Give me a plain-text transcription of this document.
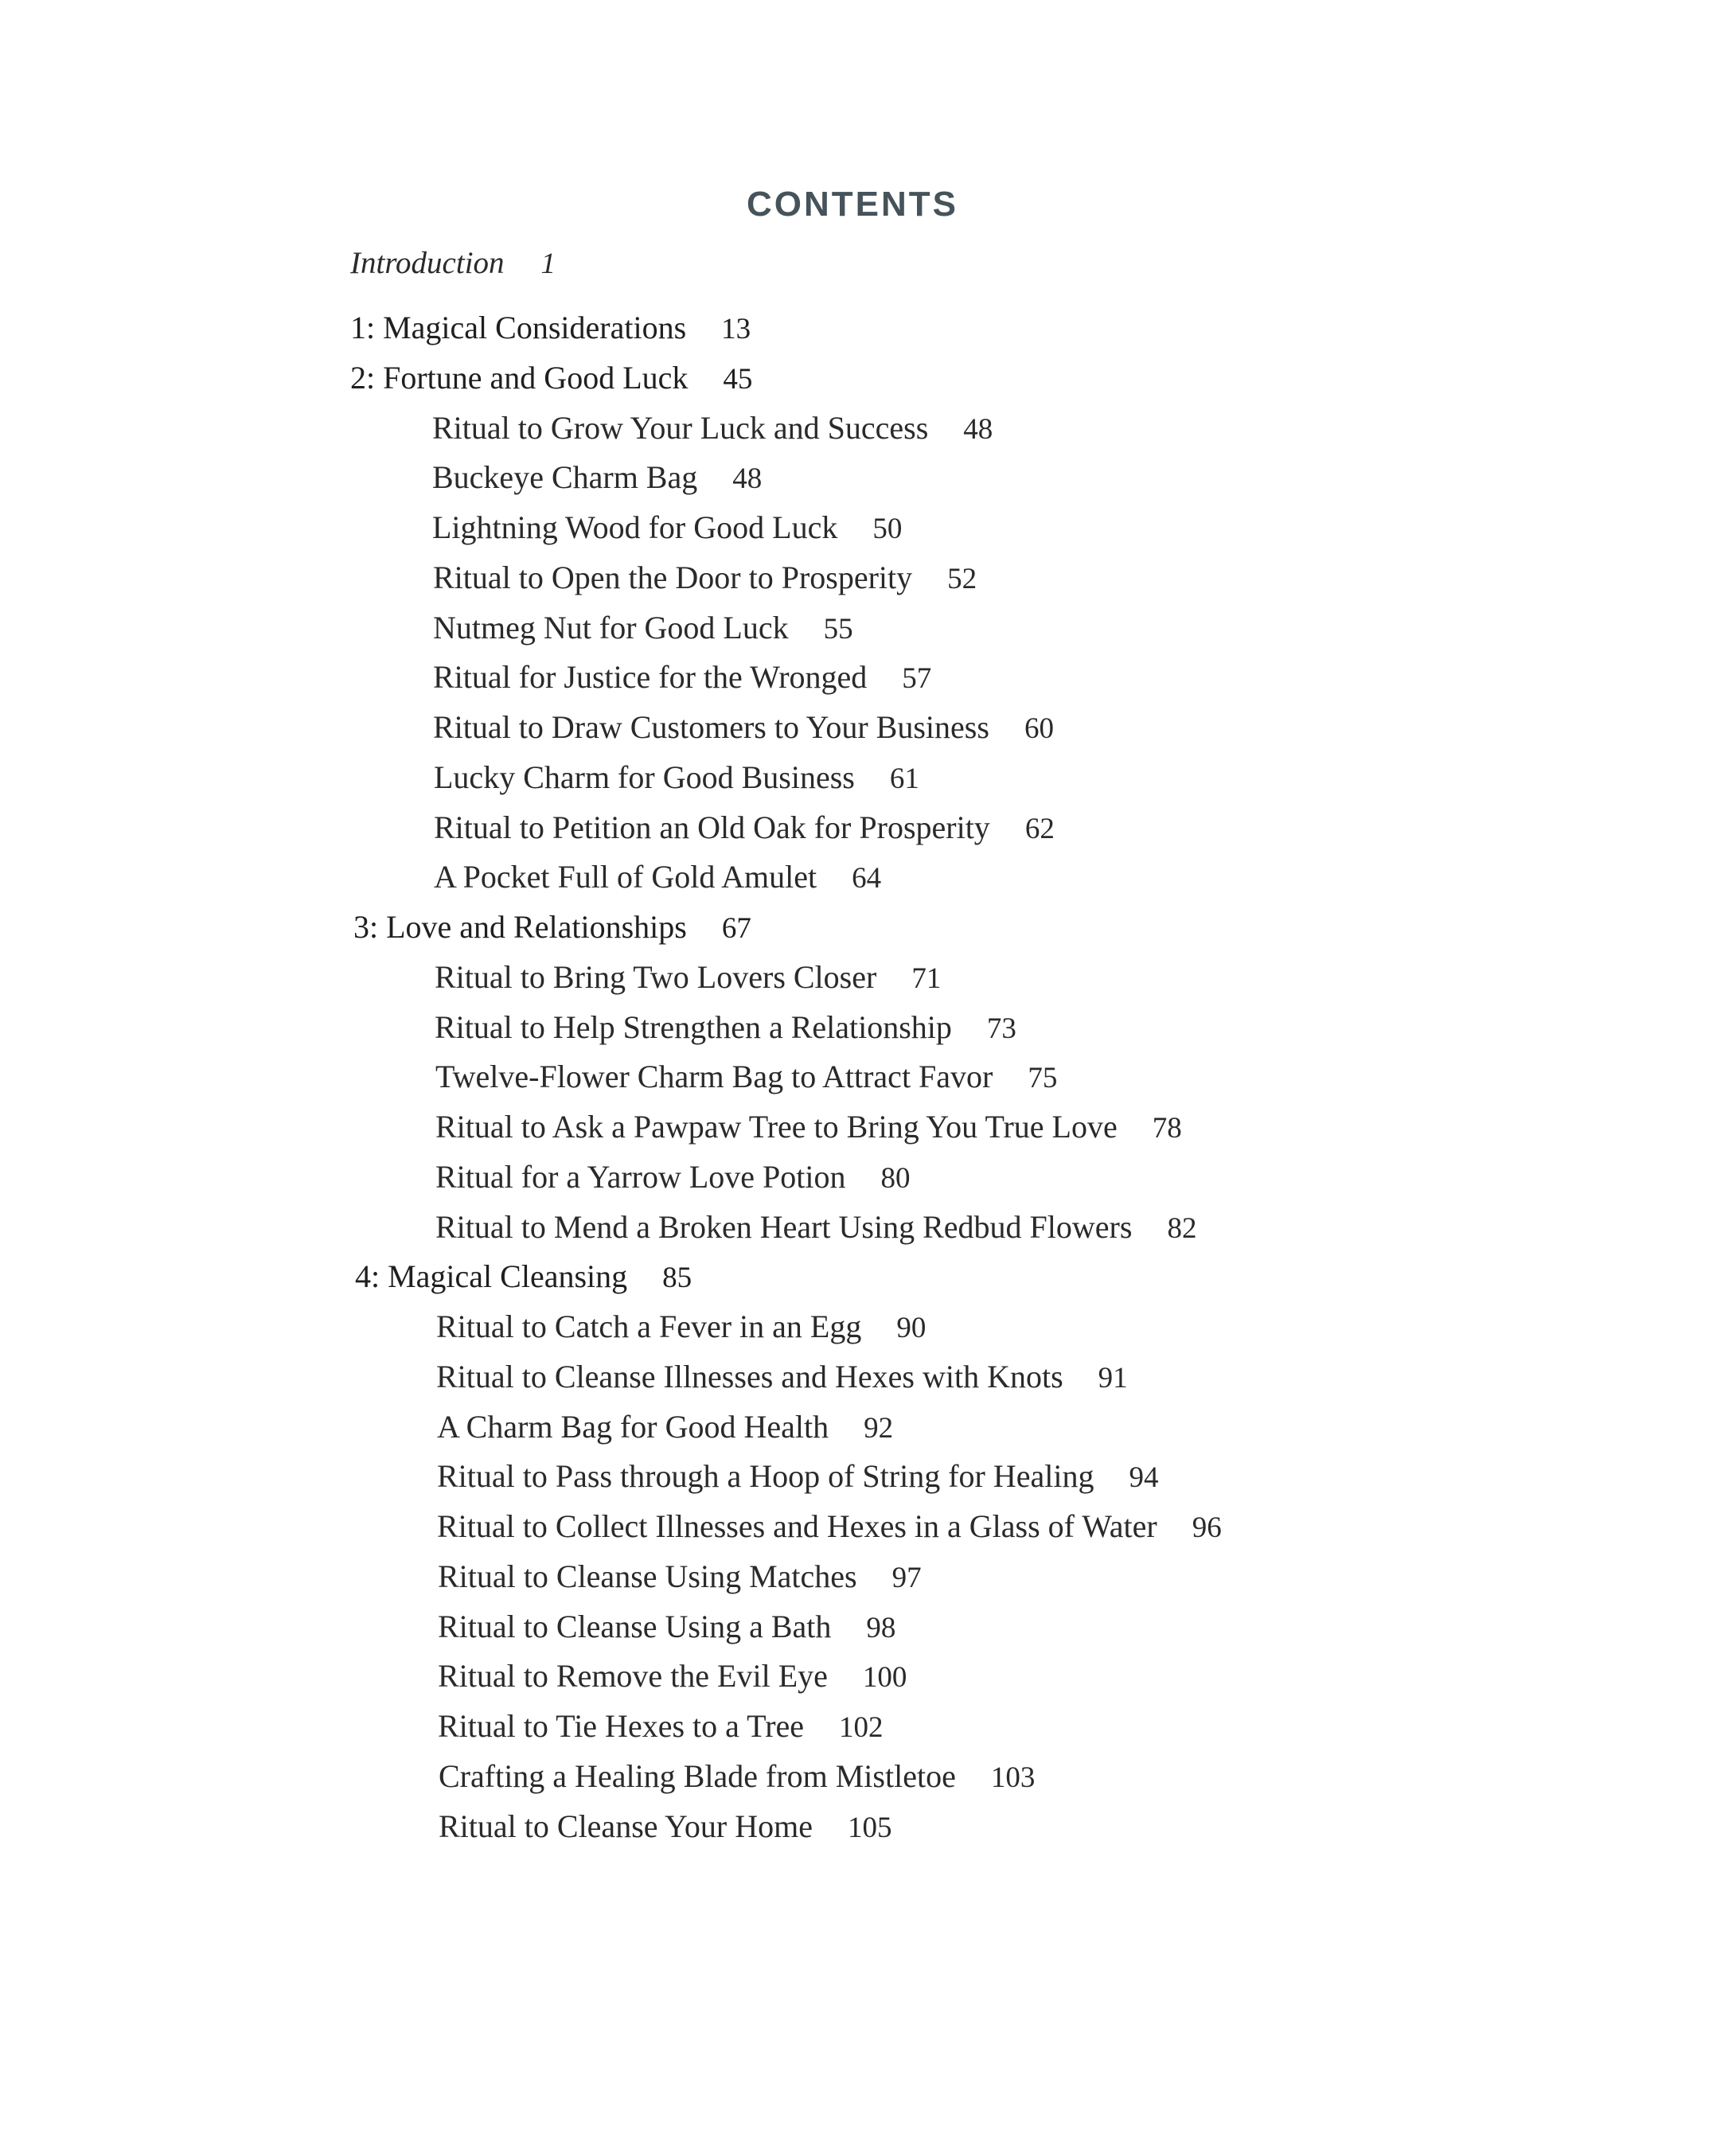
CONTENTS
Introduction 1
1: Magical Considerations 13
2: Fortune and Good Luck 45
Ritual to Grow Your Luck and Success 48
Buckeye Charm Bag 48
Lightning Wood for Good Luck 50
Ritual to Open the Door to Prosperity 52
Nutmeg Nut for Good Luck 55
Ritual for Justice for the Wronged 57
Ritual to Draw Customers to Your Business 60
Lucky Charm for Good Business 61
Ritual to Petition an Old Oak for Prosperity 62
A Pocket Full of Gold Amulet 64
3: Love and Relationships 67
Ritual to Bring Two Lovers Closer 71
Ritual to Help Strengthen a Relationship 73
Twelve-Flower Charm Bag to Attract Favor 75
Ritual to Ask a Pawpaw Tree to Bring You True Love 78
Ritual for a Yarrow Love Potion 80
Ritual to Mend a Broken Heart Using Redbud Flowers 82
4: Magical Cleansing 85
Ritual to Catch a Fever in an Egg 90
Ritual to Cleanse Illnesses and Hexes with Knots 91
A Charm Bag for Good Health 92
Ritual to Pass through a Hoop of String for Healing 94
Ritual to Collect Illnesses and Hexes in a Glass of Water 96
Ritual to Cleanse Using Matches 97
Ritual to Cleanse Using a Bath 98
Ritual to Remove the Evil Eye 100
Ritual to Tie Hexes to a Tree 102
Crafting a Healing Blade from Mistletoe 103
Ritual to Cleanse Your Home 105
